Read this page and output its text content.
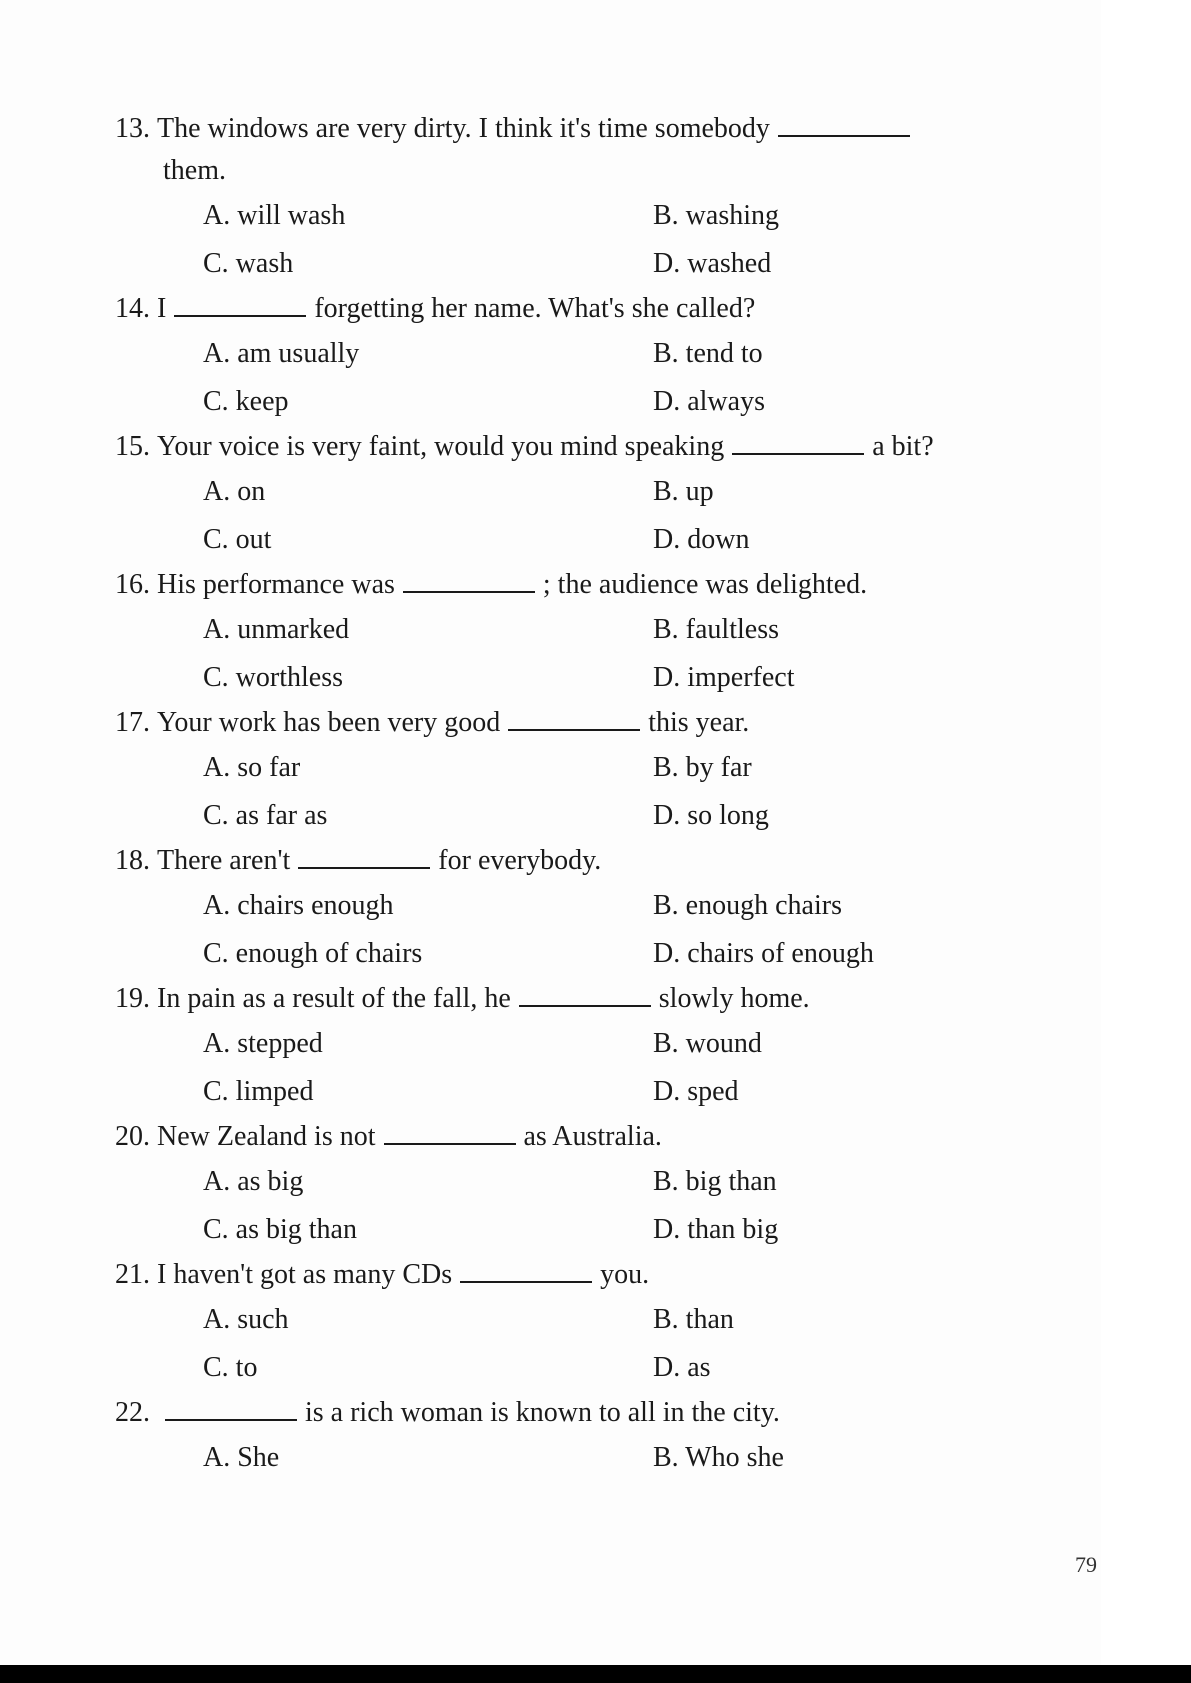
13.
The windows are very dirty. I think it's time somebody
them.
A. will wash	B. washing
C. wash	D. washed
14.
I	forgetting her name. What's she called?
A. am usually	B. tend to
C. keep	D. always
15.
Your voice is very faint, would you mind speaking	a bit?
A. on	B. up
C. out	D. down
16.
His performance was	; the audience was delighted.
A. unmarked	B. faultless
C. worthless	D. imperfect
17.
Your work has been very good	this year.
A. so far	B. by far
C. as far as	D. so long
18.
There aren't	for everybody.
A. chairs enough	B. enough chairs
C. enough of chairs	D. chairs of enough
19.
In pain as a result of the fall, he	slowly home.
A. stepped	B. wound
C. limped	D. sped
20.
New Zealand is not	as Australia.
A. as big	B. big than
C. as big than	D. than big
21.
I haven't got as many CDs	you.
A. such	B. than
C. to	D. as
22.
	is a rich woman is known to all in the city.
A. She	B. Who she
79
